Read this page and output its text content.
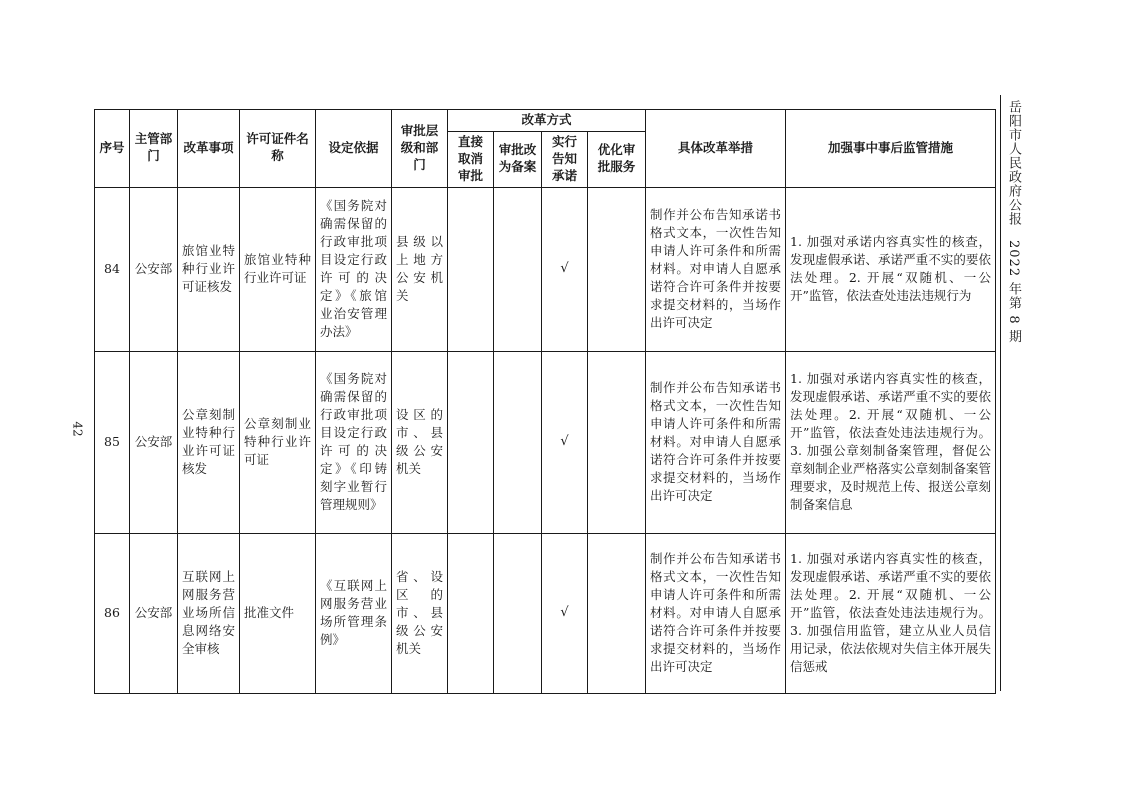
42
岳阳市人民政府公报　2022 年第 8 期
序号	主管部门	改革事项	许可证件名称	设定依据	审批层级和部门	改革方式				具体改革举措	加强事中事后监管措施
						直接取消审批	审批改为备案	实行告知承诺	优化审批服务		
84	公安部	旅馆业特种行业许可证核发	旅馆业特种行业许可证	《国务院对确需保留的行政审批项目设定行政许可的决定》《旅馆业治安管理办法》	县级以上地方公安机关			√		制作并公布告知承诺书格式文本，一次性告知申请人许可条件和所需材料。对申请人自愿承诺符合许可条件并按要求提交材料的，当场作出许可决定	1. 加强对承诺内容真实性的核查，发现虚假承诺、承诺严重不实的要依法处理。2. 开展“双随机、一公开”监管，依法查处违法违规行为
85	公安部	公章刻制业特种行业许可证核发	公章刻制业特种行业许可证	《国务院对确需保留的行政审批项目设定行政许可的决定》《印铸刻字业暂行管理规则》	设区的市、县级公安机关			√		制作并公布告知承诺书格式文本，一次性告知申请人许可条件和所需材料。对申请人自愿承诺符合许可条件并按要求提交材料的，当场作出许可决定	1. 加强对承诺内容真实性的核查，发现虚假承诺、承诺严重不实的要依法处理。2. 开展“双随机、一公开”监管，依法查处违法违规行为。3. 加强公章刻制备案管理，督促公章刻制企业严格落实公章刻制备案管理要求，及时规范上传、报送公章刻制备案信息
86	公安部	互联网上网服务营业场所信息网络安全审核	批准文件	《互联网上网服务营业场所管理条例》	省、设区的市、县级公安机关			√		制作并公布告知承诺书格式文本，一次性告知申请人许可条件和所需材料。对申请人自愿承诺符合许可条件并按要求提交材料的，当场作出许可决定	1. 加强对承诺内容真实性的核查，发现虚假承诺、承诺严重不实的要依法处理。2. 开展“双随机、一公开”监管，依法查处违法违规行为。3. 加强信用监管，建立从业人员信用记录，依法依规对失信主体开展失信惩戒
